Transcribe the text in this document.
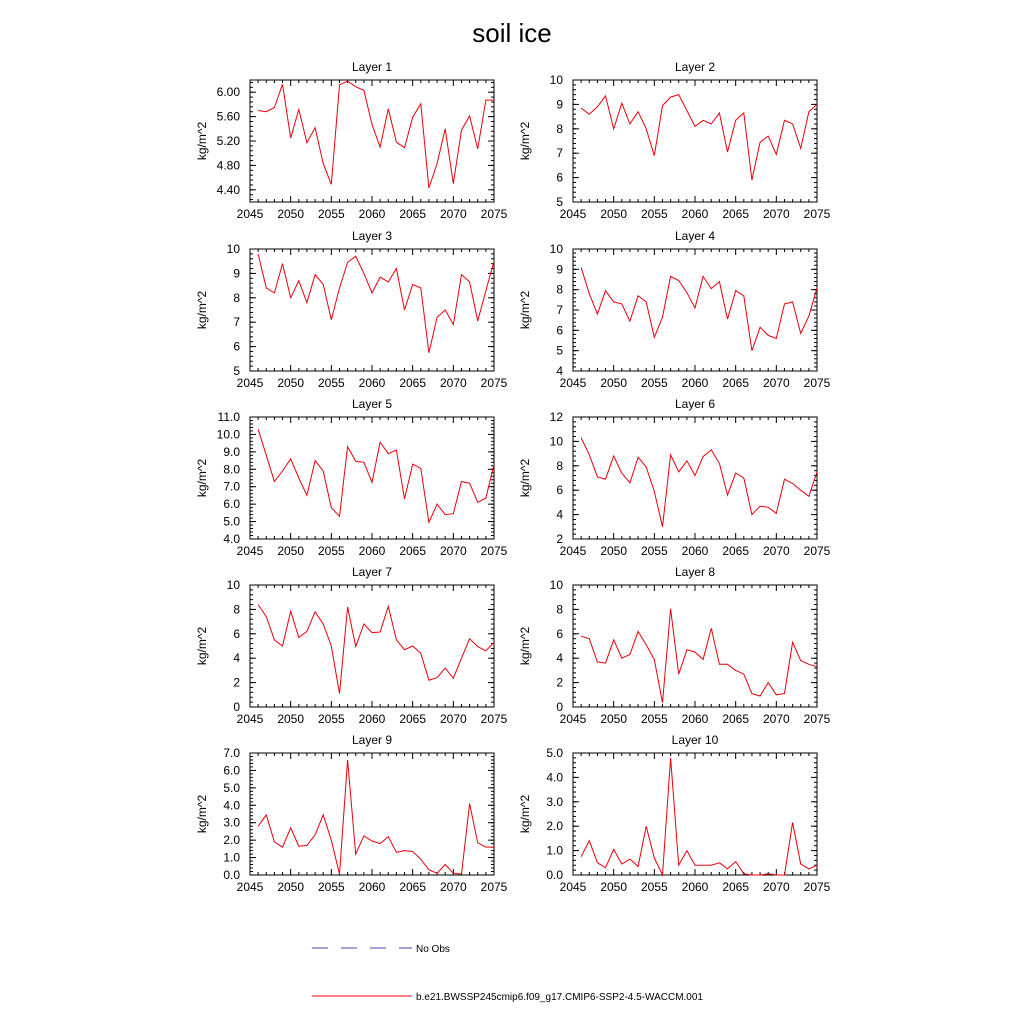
soil ice
Layer 1
kg/m^2
2045 2050 2055 2060 2065 2070 2075
4.40
4.80
5.20
5.60
6.00
Layer 2
kg/m^2
2045 2050 2055 2060 2065 2070 2075
5
6
7
8
9
10
Layer 3
kg/m^2
2045 2050 2055 2060 2065 2070 2075
5
6
7
8
9
10
Layer 4
kg/m^2
2045 2050 2055 2060 2065 2070 2075
4
5
6
7
8
9
10
Layer 5
kg/m^2
2045 2050 2055 2060 2065 2070 2075
4.0
5.0
6.0
7.0
8.0
9.0
10.0
11.0
Layer 6
kg/m^2
2045 2050 2055 2060 2065 2070 2075
2
4
6
8
10
12
Layer 7
kg/m^2
2045 2050 2055 2060 2065 2070 2075
0
2
4
6
8
10
Layer 8
kg/m^2
2045 2050 2055 2060 2065 2070 2075
0
2
4
6
8
10
Layer 9
kg/m^2
2045 2050 2055 2060 2065 2070 2075
0.0
1.0
2.0
3.0
4.0
5.0
6.0
7.0
Layer 10
kg/m^2
2045 2050 2055 2060 2065 2070 2075
0.0
1.0
2.0
3.0
4.0
5.0
No Obs
b.e21.BWSSP245cmip6.f09_g17.CMIP6-SSP2-4.5-WACCM.001
